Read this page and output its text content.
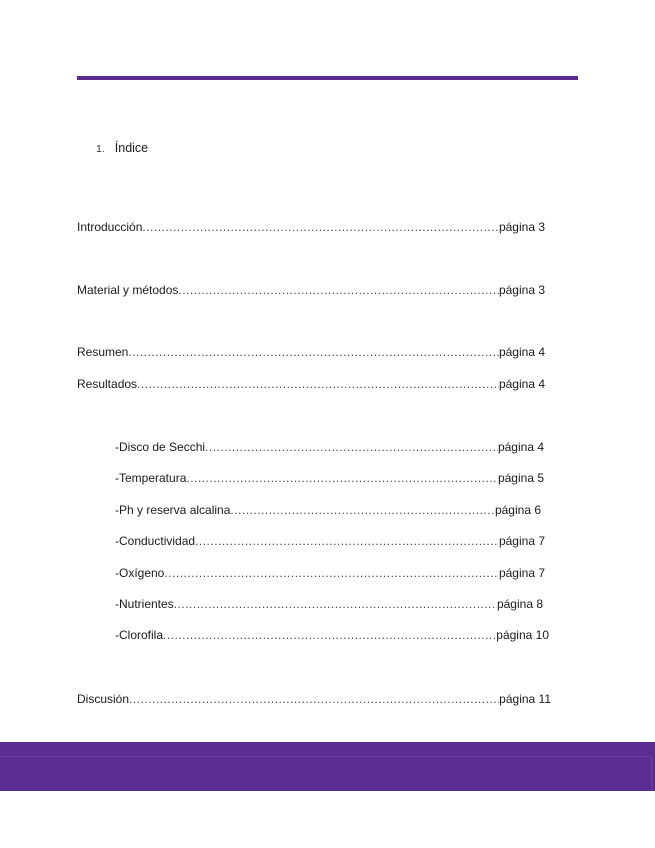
1. Índice
Introducción .....	página 3
Material y métodos .....	página 3
Resumen .....	página 4
Resultados .....	página 4
-Disco de Secchi .....	página 4
-Temperatura .....	página 5
-Ph y reserva alcalina .....	página 6
-Conductividad .....	página 7
-Oxígeno .....	página 7
-Nutrientes .....	página 8
-Clorofila .....	página 10
Discusión .....	página 11
